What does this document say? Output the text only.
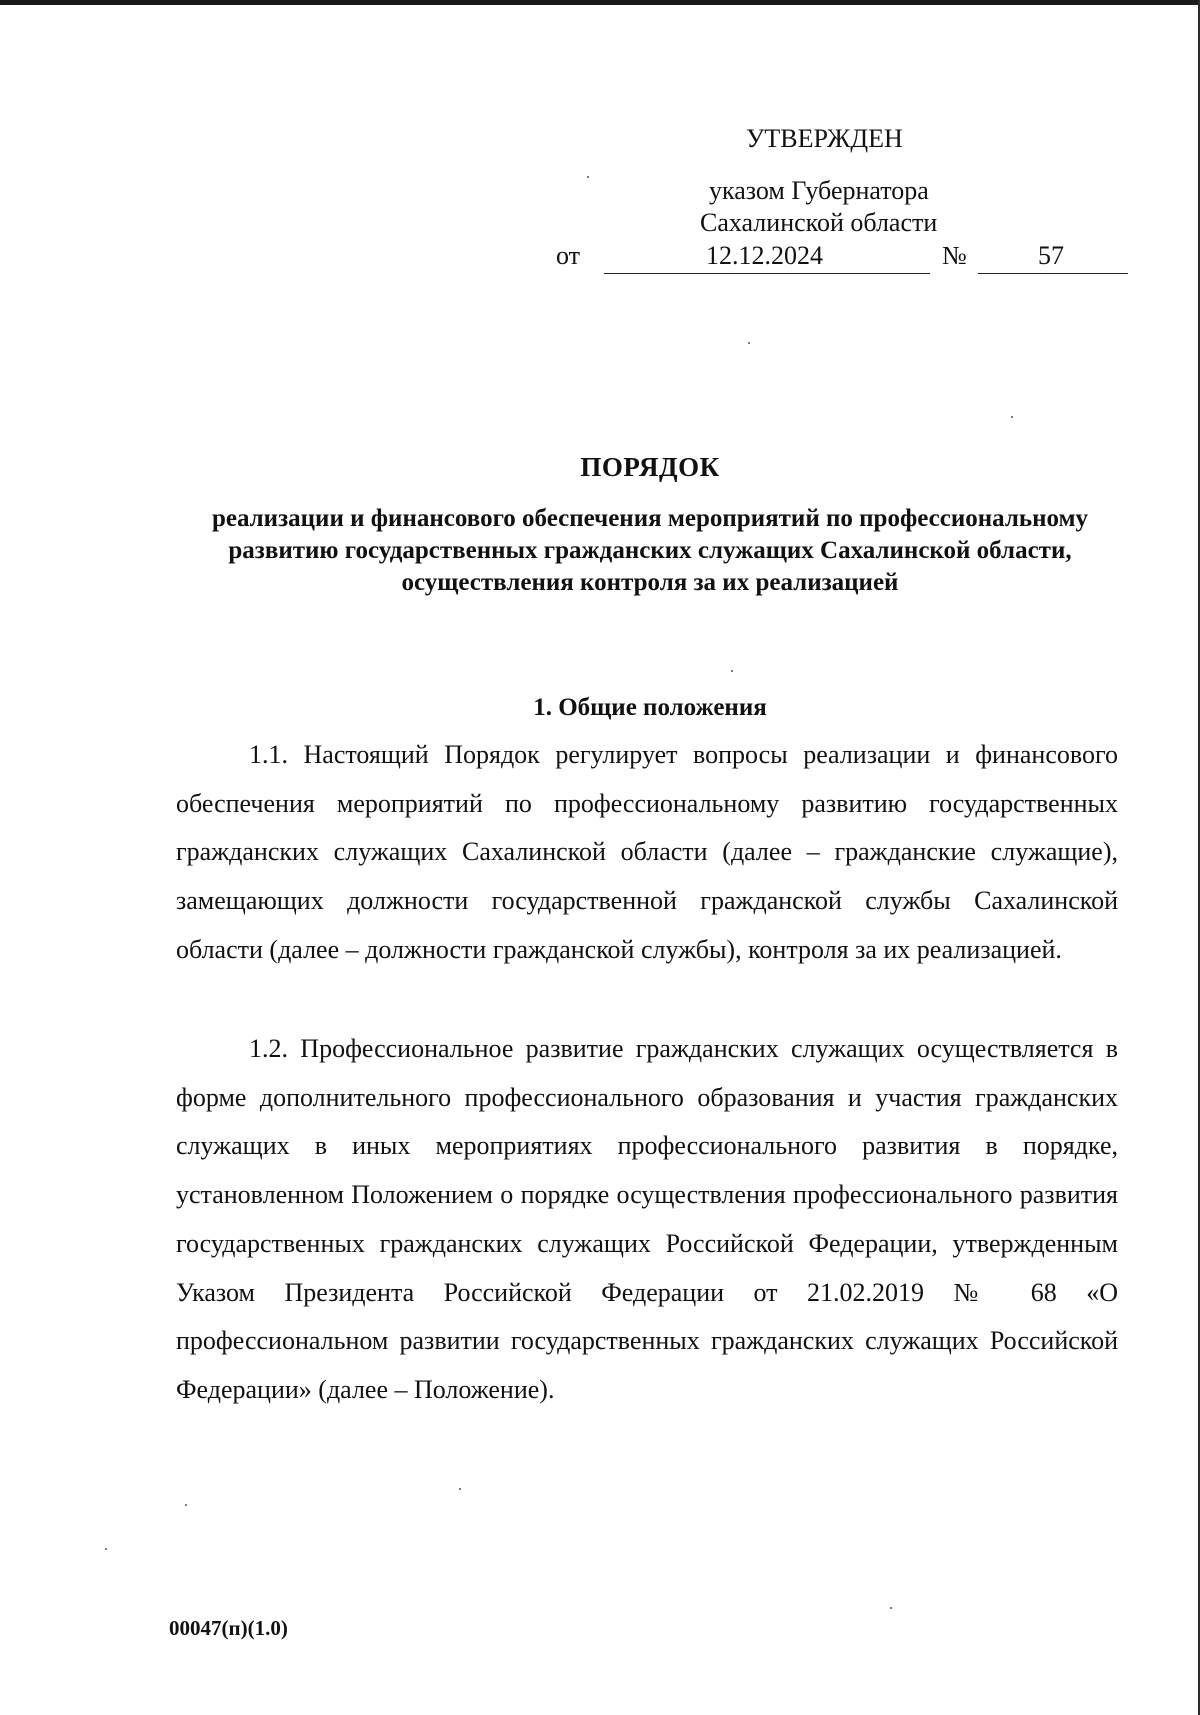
УТВЕРЖДЕН
указом Губернатора
Сахалинской области
от	12.12.2024	№	57
ПОРЯДОК
реализации и финансового обеспечения мероприятий по профессиональному развитию государственных гражданских служащих Сахалинской области, осуществления контроля за их реализацией
1. Общие положения
1.1. Настоящий Порядок регулирует вопросы реализации и финансового обеспечения мероприятий по профессиональному развитию государственных гражданских служащих Сахалинской области (далее – гражданские служащие), замещающих должности государственной гражданской службы Сахалинской области (далее – должности гражданской службы), контроля за их реализацией.
1.2. Профессиональное развитие гражданских служащих осуществляется в форме дополнительного профессионального образования и участия гражданских служащих в иных мероприятиях профессионального развития в порядке, установленном Положением о порядке осуществления профессионального развития государственных гражданских служащих Российской Федерации, утвержденным Указом Президента Российской Федерации от 21.02.2019 № 68 «О профессиональном развитии государственных гражданских служащих Российской Федерации» (далее – Положение).
00047(п)(1.0)
